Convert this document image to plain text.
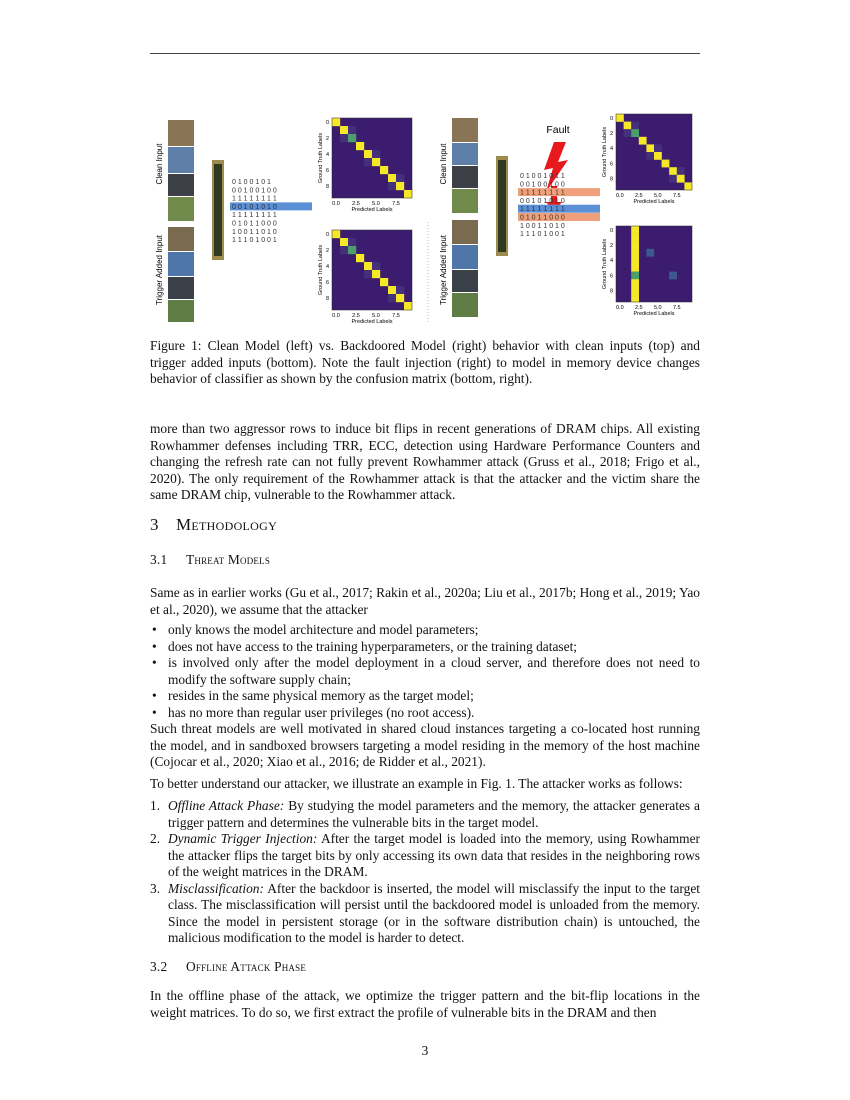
Clean Input
Trigger Added Input
0 1 0 0 1 0 1
0 0 1 0 0 1 0 0
1 1 1 1 1 1 1 1
0 0 1 0 1 0 1 0
1 1 1 1 1 1 1 1
0 1 0 1 1 0 0 0
1 0 0 1 1 0 1 0
1 1 1 0 1 0 0 1
0
2
4
6
8
0.0 2.5 5.0 7.5
Predicted Labels
Ground Truth Labels
0
2
4
6
8
0.0 2.5 5.0 7.5
Predicted Labels
Ground Truth Labels
Clean Input
Trigger Added Input
Fault
0 1 0 0 1 0 1 1
0 0 1 0 0 1 0 0
1 1 1 1 1 1 1 1
0 0 1 0 1 0 1 0
1 1 1 1 1 1 1 1
0 1 0 1 1 0 0 0
1 0 0 1 1 0 1 0
1 1 1 0 1 0 0 1
0
2
4
6
8
0.0 2.5 5.0 7.5
Predicted Labels
Ground Truth Labels
0
2
4
6
8
0.0 2.5 5.0 7.5
Predicted Labels
Ground Truth Labels
Figure 1: Clean Model (left) vs. Backdoored Model (right) behavior with clean inputs (top) and trigger added inputs (bottom). Note the fault injection (right) to model in memory device changes behavior of classifier as shown by the confusion matrix (bottom, right).
more than two aggressor rows to induce bit flips in recent generations of DRAM chips. All existing Rowhammer defenses including TRR, ECC, detection using Hardware Performance Counters and changing the refresh rate can not fully prevent Rowhammer attack (Gruss et al., 2018; Frigo et al., 2020). The only requirement of the Rowhammer attack is that the attacker and the victim share the same DRAM chip, vulnerable to the Rowhammer attack.
3 Methodology
3.1 Threat Models
Same as in earlier works (Gu et al., 2017; Rakin et al., 2020a; Liu et al., 2017b; Hong et al., 2019; Yao et al., 2020), we assume that the attacker
• only knows the model architecture and model parameters;
• does not have access to the training hyperparameters, or the training dataset;
• is involved only after the model deployment in a cloud server, and therefore does not need to modify the software supply chain;
• resides in the same physical memory as the target model;
• has no more than regular user privileges (no root access).
Such threat models are well motivated in shared cloud instances targeting a co-located host running the model, and in sandboxed browsers targeting a model residing in the memory of the host machine (Cojocar et al., 2020; Xiao et al., 2016; de Ridder et al., 2021).
To better understand our attacker, we illustrate an example in Fig. 1. The attacker works as follows:
1. Offline Attack Phase: By studying the model parameters and the memory, the attacker generates a trigger pattern and determines the vulnerable bits in the target model.
2. Dynamic Trigger Injection: After the target model is loaded into the memory, using Rowhammer the attacker flips the target bits by only accessing its own data that resides in the neighboring rows of the weight matrices in the DRAM.
3. Misclassification: After the backdoor is inserted, the model will misclassify the input to the target class. The misclassification will persist until the backdoored model is unloaded from the memory. Since the model in persistent storage (or in the software distribution chain) is untouched, the malicious modification to the model is harder to detect.
3.2 Offline Attack Phase
In the offline phase of the attack, we optimize the trigger pattern and the bit-flip locations in the weight matrices. To do so, we first extract the profile of vulnerable bits in the DRAM and then
3
